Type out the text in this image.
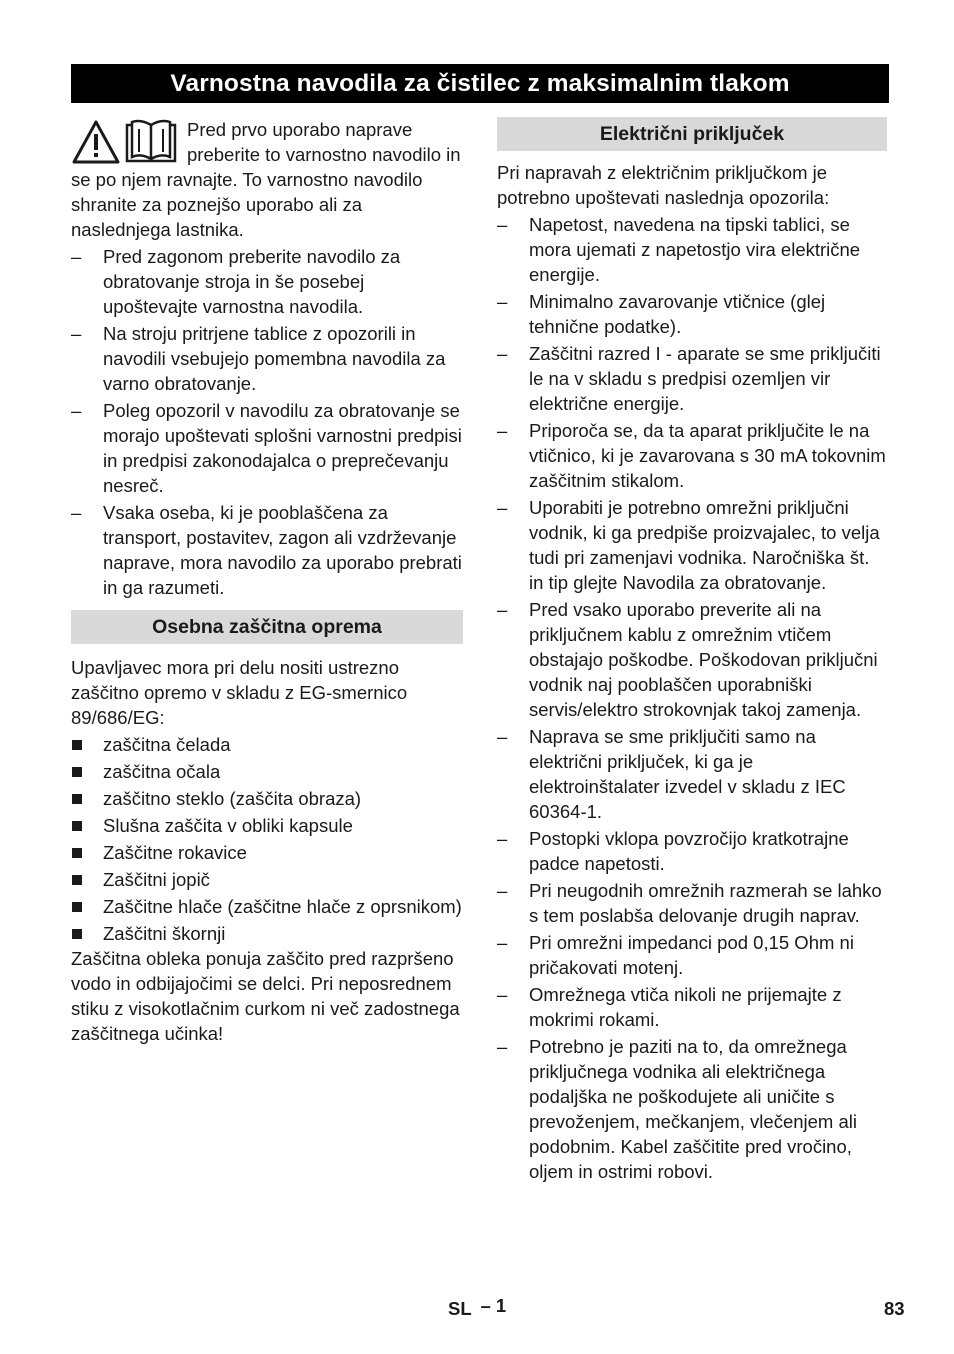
Varnostna navodila za čistilec z maksimalnim tlakom

Pred prvo uporabo naprave preberite to varnostno navodilo in se po njem ravnajte. To varnostno navodilo shranite za poznejšo uporabo ali za naslednjega lastnika.

– Pred zagonom preberite navodilo za obratovanje stroja in še posebej upoštevajte varnostna navodila.
– Na stroju pritrjene tablice z opozorili in navodili vsebujejo pomembna navodila za varno obratovanje.
– Poleg opozoril v navodilu za obratovanje se morajo upoštevati splošni varnostni predpisi in predpisi zakonodajalca o preprečevanju nesreč.
– Vsaka oseba, ki je pooblaščena za transport, postavitev, zagon ali vzdrževanje naprave, mora navodilo za uporabo prebrati in ga razumeti.
Osebna zaščitna oprema

Upavljavec mora pri delu nositi ustrezno zaščitno opremo v skladu z EG-smernico 89/686/EG:

zaščitna čelada
zaščitna očala
zaščitno steklo (zaščita obraza)
Slušna zaščita v obliki kapsule
Zaščitne rokavice
Zaščitni jopič
Zaščitne hlače (zaščitne hlače z oprsnikom)
Zaščitni škornji

Zaščitna obleka ponuja zaščito pred razpršeno vodo in odbijajočimi se delci. Pri neposrednem stiku z visokotlačnim curkom ni več zadostnega zaščitnega učinka!

Električni priključek

Pri napravah z električnim priključkom je potrebno upoštevati naslednja opozorila:

– Napetost, navedena na tipski tablici, se mora ujemati z napetostjo vira električne energije.
– Minimalno zavarovanje vtičnice (glej tehnične podatke).
– Zaščitni razred I - aparate se sme priključiti le na v skladu s predpisi ozemljen vir električne energije.
– Priporoča se, da ta aparat priključite le na vtičnico, ki je zavarovana s 30 mA tokovnim zaščitnim stikalom.
– Uporabiti je potrebno omrežni priključni vodnik, ki ga predpiše proizvajalec, to velja tudi pri zamenjavi vodnika. Naročniška št. in tip glejte Navodila za obratovanje.
– Pred vsako uporabo preverite ali na priključnem kablu z omrežnim vtičem obstajajo poškodbe. Poškodovan priključni vodnik naj pooblaščen uporabniški servis/elektro strokovnjak takoj zamenja.
– Naprava se sme priključiti samo na električni priključek, ki ga je elektroinštalater izvedel v skladu z IEC 60364-1.
– Postopki vklopa povzročijo kratkotrajne padce napetosti.
– Pri neugodnih omrežnih razmerah se lahko s tem poslabša delovanje drugih naprav.
– Pri omrežni impedanci pod 0,15 Ohm ni pričakovati motenj.
– Omrežnega vtiča nikoli ne prijemajte z mokrimi rokami.
– Potrebno je paziti na to, da omrežnega priključnega vodnika ali električnega podaljška ne poškodujete ali uničite s prevoženjem, mečkanjem, vlečenjem ali podobnim. Kabel zaščitite pred vročino, oljem in ostrimi robovi.
SL – 1	83
